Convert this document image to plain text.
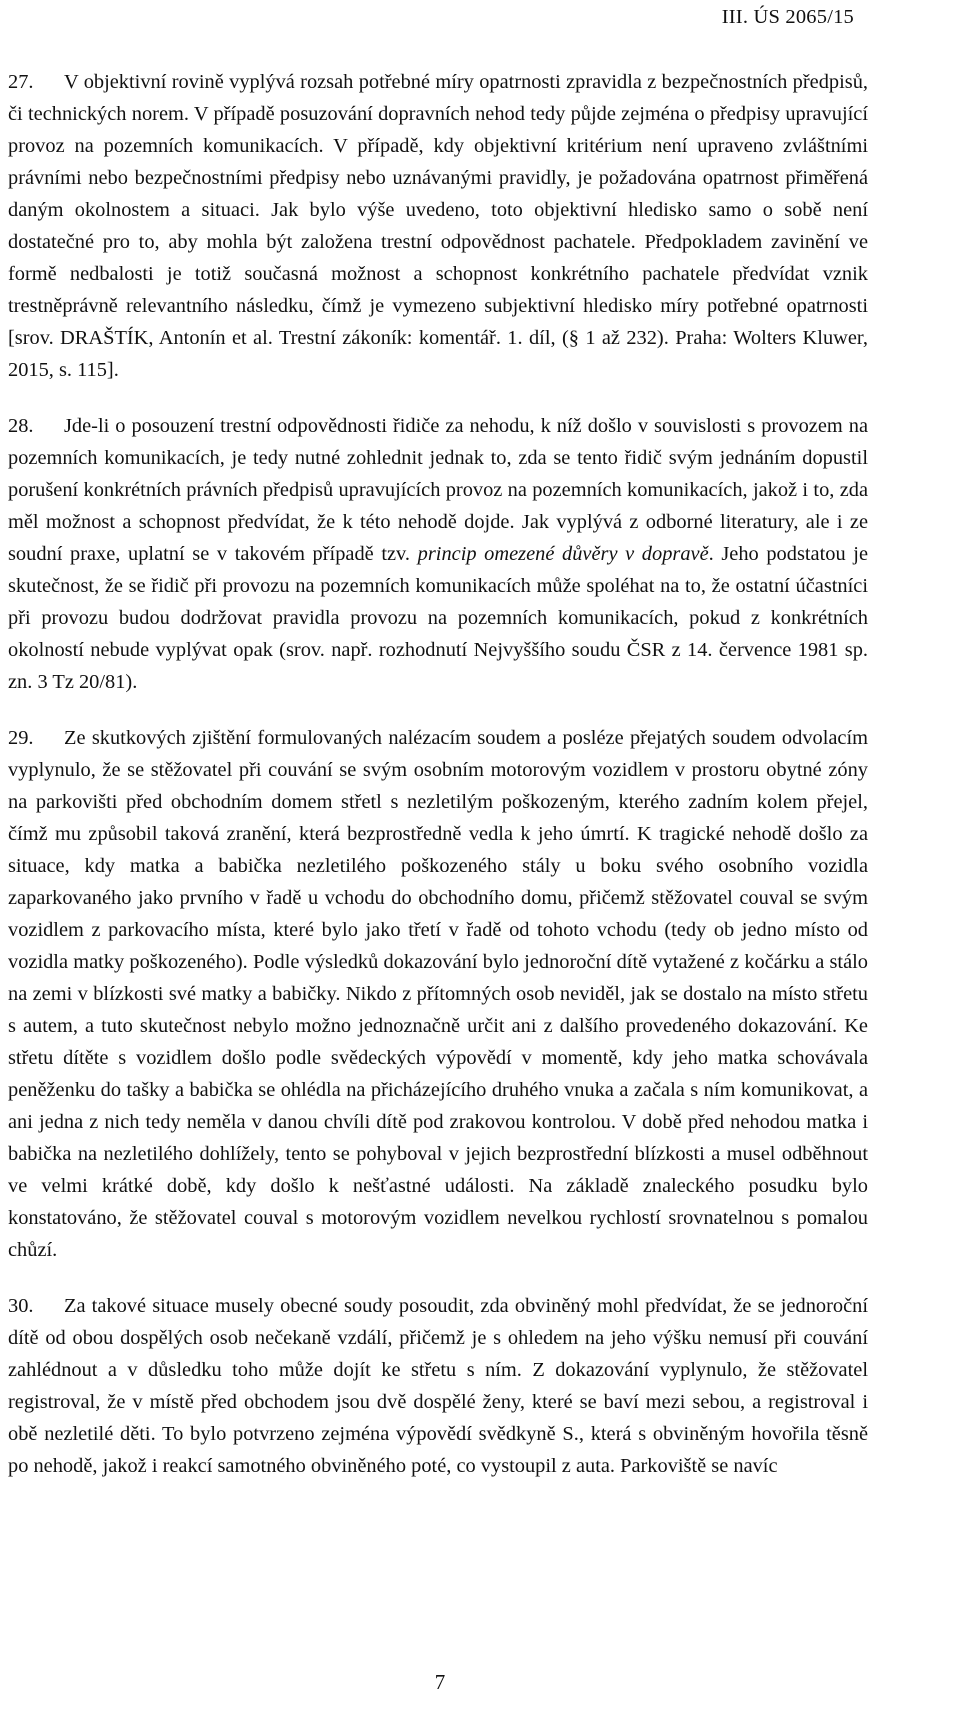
III. ÚS 2065/15

27. V objektivní rovině vyplývá rozsah potřebné míry opatrnosti zpravidla z bezpečnostních předpisů, či technických norem. V případě posuzování dopravních nehod tedy půjde zejména o předpisy upravující provoz na pozemních komunikacích. V případě, kdy objektivní kritérium není upraveno zvláštními právními nebo bezpečnostními předpisy nebo uznávanými pravidly, je požadována opatrnost přiměřená daným okolnostem a situaci. Jak bylo výše uvedeno, toto objektivní hledisko samo o sobě není dostatečné pro to, aby mohla být založena trestní odpovědnost pachatele. Předpokladem zavinění ve formě nedbalosti je totiž současná možnost a schopnost konkrétního pachatele předvídat vznik trestněprávně relevantního následku, čímž je vymezeno subjektivní hledisko míry potřebné opatrnosti [srov. DRAŠTÍK, Antonín et al. Trestní zákoník: komentář. 1. díl, (§ 1 až 232). Praha: Wolters Kluwer, 2015, s. 115].

28. Jde-li o posouzení trestní odpovědnosti řidiče za nehodu, k níž došlo v souvislosti s provozem na pozemních komunikacích, je tedy nutné zohlednit jednak to, zda se tento řidič svým jednáním dopustil porušení konkrétních právních předpisů upravujících provoz na pozemních komunikacích, jakož i to, zda měl možnost a schopnost předvídat, že k této nehodě dojde. Jak vyplývá z odborné literatury, ale i ze soudní praxe, uplatní se v takovém případě tzv. princip omezené důvěry v dopravě. Jeho podstatou je skutečnost, že se řidič při provozu na pozemních komunikacích může spoléhat na to, že ostatní účastníci při provozu budou dodržovat pravidla provozu na pozemních komunikacích, pokud z konkrétních okolností nebude vyplývat opak (srov. např. rozhodnutí Nejvyššího soudu ČSR z 14. července 1981 sp. zn. 3 Tz 20/81).

29. Ze skutkových zjištění formulovaných nalézacím soudem a posléze přejatých soudem odvolacím vyplynulo, že se stěžovatel při couvání se svým osobním motorovým vozidlem v prostoru obytné zóny na parkovišti před obchodním domem střetl s nezletilým poškozeným, kterého zadním kolem přejel, čímž mu způsobil taková zranění, která bezprostředně vedla k jeho úmrtí. K tragické nehodě došlo za situace, kdy matka a babička nezletilého poškozeného stály u boku svého osobního vozidla zaparkovaného jako prvního v řadě u vchodu do obchodního domu, přičemž stěžovatel couval se svým vozidlem z parkovacího místa, které bylo jako třetí v řadě od tohoto vchodu (tedy ob jedno místo od vozidla matky poškozeného). Podle výsledků dokazování bylo jednoroční dítě vytažené z kočárku a stálo na zemi v blízkosti své matky a babičky. Nikdo z přítomných osob neviděl, jak se dostalo na místo střetu s autem, a tuto skutečnost nebylo možno jednoznačně určit ani z dalšího provedeného dokazování. Ke střetu dítěte s vozidlem došlo podle svědeckých výpovědí v momentě, kdy jeho matka schovávala peněženku do tašky a babička se ohlédla na přicházejícího druhého vnuka a začala s ním komunikovat, a ani jedna z nich tedy neměla v danou chvíli dítě pod zrakovou kontrolou. V době před nehodou matka i babička na nezletilého dohlížely, tento se pohyboval v jejich bezprostřední blízkosti a musel odběhnout ve velmi krátké době, kdy došlo k nešťastné události. Na základě znaleckého posudku bylo konstatováno, že stěžovatel couval s motorovým vozidlem nevelkou rychlostí srovnatelnou s pomalou chůzí.

30. Za takové situace musely obecné soudy posoudit, zda obviněný mohl předvídat, že se jednoroční dítě od obou dospělých osob nečekaně vzdálí, přičemž je s ohledem na jeho výšku nemusí při couvání zahlédnout a v důsledku toho může dojít ke střetu s ním. Z dokazování vyplynulo, že stěžovatel registroval, že v místě před obchodem jsou dvě dospělé ženy, které se baví mezi sebou, a registroval i obě nezletilé děti. To bylo potvrzeno zejména výpovědí svědkyně S., která s obviněným hovořila těsně po nehodě, jakož i reakcí samotného obviněného poté, co vystoupil z auta. Parkoviště se navíc

7
